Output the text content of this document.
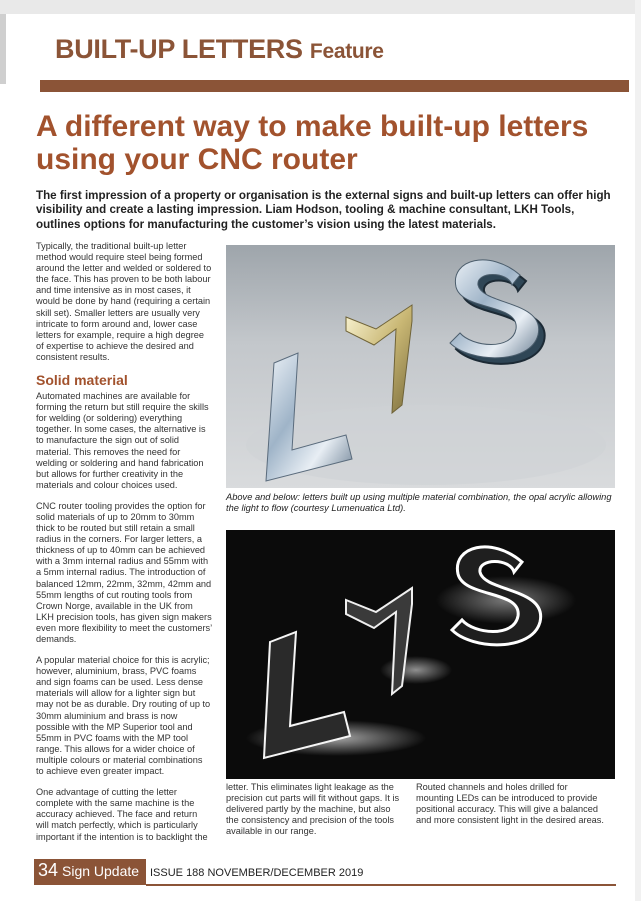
BUILT-UP LETTERS Feature
A different way to make built-up letters using your CNC router

The first impression of a property or organisation is the external signs and built-up letters can offer high visibility and create a lasting impression. Liam Hodson, tooling & machine consultant, LKH Tools, outlines options for manufacturing the customer’s vision using the latest materials.

Typically, the traditional built-up letter method would require steel being formed around the letter and welded or soldered to the face. This has proven to be both labour and time intensive as in most cases, it would be done by hand (requiring a certain skill set). Smaller letters are usually very intricate to form around and, lower case letters for example, require a high degree of expertise to achieve the desired and consistent results.

Solid material

Automated machines are available for forming the return but still require the skills for welding (or soldering) everything together. In some cases, the alternative is to manufacture the sign out of solid material. This removes the need for welding or soldering and hand fabrication but allows for further creativity in the materials and colour choices used.

CNC router tooling provides the option for solid materials of up to 20mm to 30mm thick to be routed but still retain a small radius in the corners. For larger letters, a thickness of up to 40mm can be achieved with a 3mm internal radius and 55mm with a 5mm internal radius. The introduction of balanced 12mm, 22mm, 32mm, 42mm and 55mm lengths of cut routing tools from Crown Norge, available in the UK from LKH precision tools, has given sign makers even more flexibility to meet the customers’ demands.

A popular material choice for this is acrylic; however, aluminium, brass, PVC foams and sign foams can be used. Less dense materials will allow for a lighter sign but may not be as durable. Dry routing of up to 30mm aluminium and brass is now possible with the MP Superior tool and 55mm in PVC foams with the MP tool range. This allows for a wider choice of multiple colours or material combinations to achieve even greater impact.

One advantage of cutting the letter complete with the same machine is the accuracy achieved. The face and return will match perfectly, which is particularly important if the intention is to backlight the

Above and below: letters built up using multiple material combination, the opal acrylic allowing the light to flow (courtesy Lumenuatica Ltd).

letter. This eliminates light leakage as the precision cut parts will fit without gaps. It is delivered partly by the machine, but also the consistency and precision of the tools available in our range.

Routed channels and holes drilled for mounting LEDs can be introduced to provide positional accuracy. This will give a balanced and more consistent light in the desired areas.

34 Sign Update ISSUE 188 NOVEMBER/DECEMBER 2019
